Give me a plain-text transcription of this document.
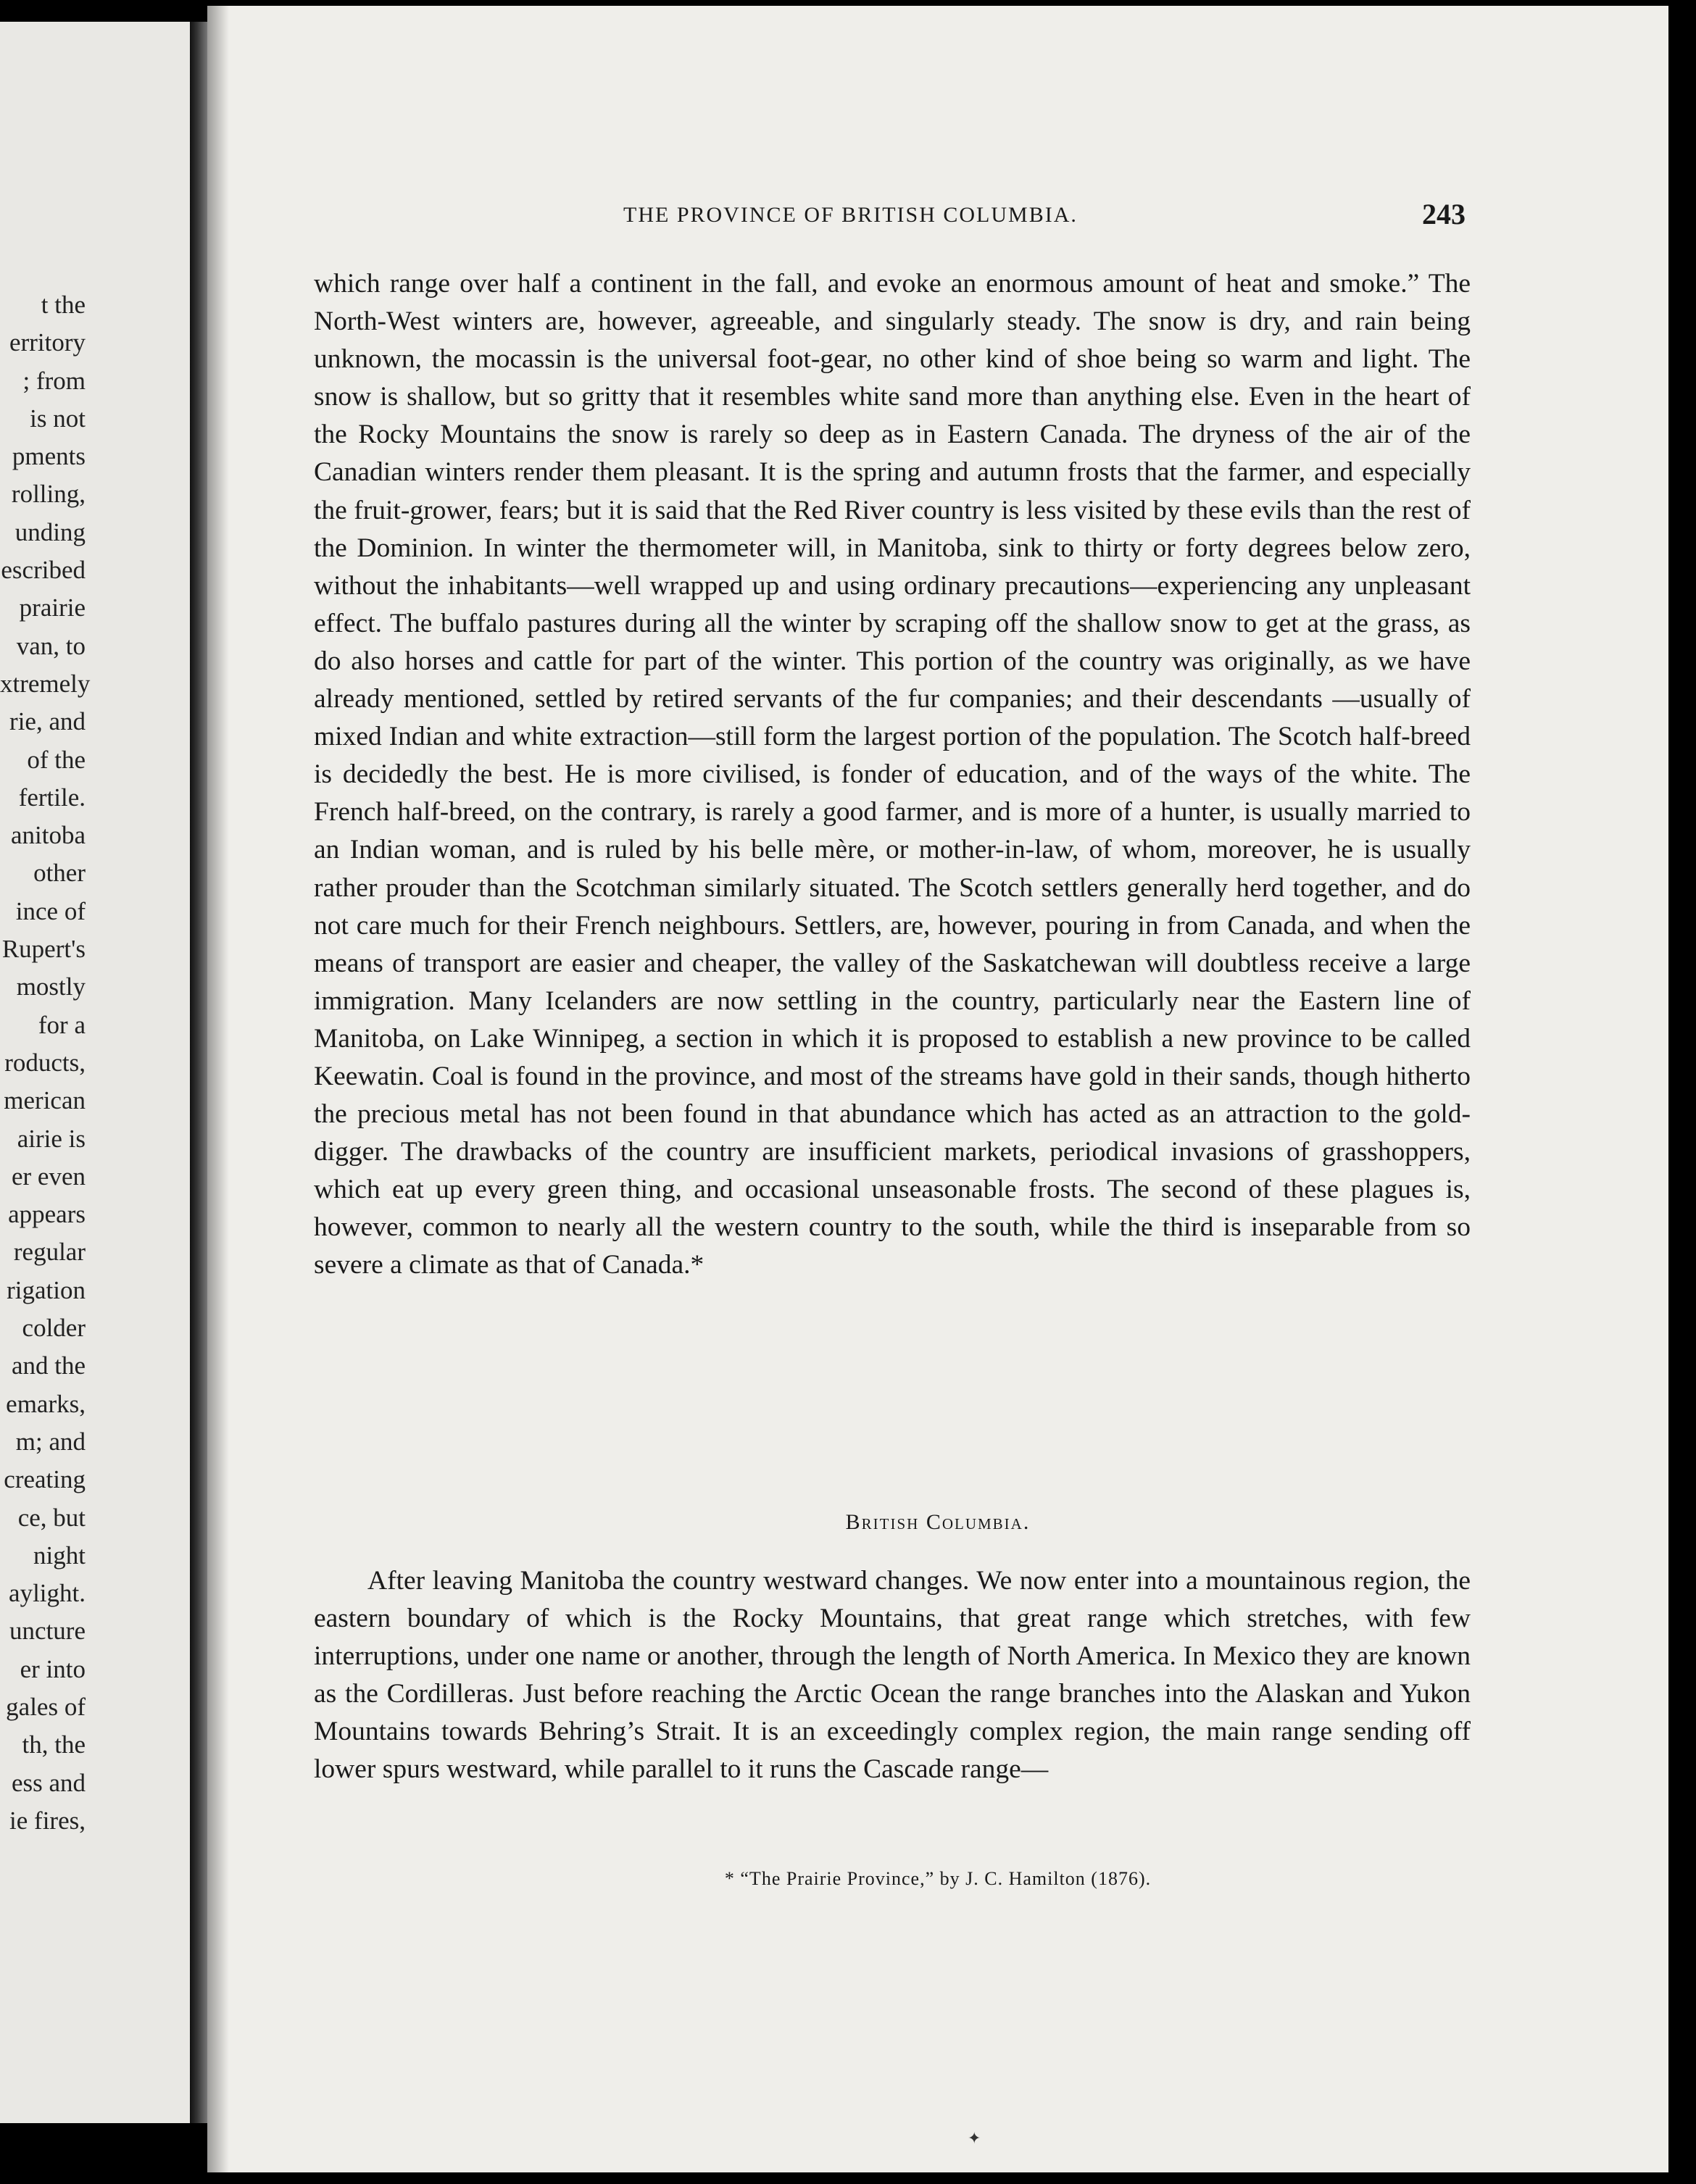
t the
erritory
; from
is not
pments
rolling,
unding
escribed
prairie
van, to
xtremely
rie, and
of the
fertile.
anitoba
other
ince of
Rupert's
mostly
for a
roducts,
merican
airie is
er even
appears
regular
rigation
colder
and the
emarks,
m; and
creating
ce, but
night
aylight.
uncture
er into
gales of
th, the
ess and
ie fires,
THE PROVINCE OF BRITISH COLUMBIA.	243

which range over half a continent in the fall, and evoke an enormous amount of heat and smoke.” The North-West winters are, however, agreeable, and singularly steady. The snow is dry, and rain being unknown, the mocassin is the universal foot-gear, no other kind of shoe being so warm and light. The snow is shallow, but so gritty that it resembles white sand more than anything else. Even in the heart of the Rocky Mountains the snow is rarely so deep as in Eastern Canada. The dryness of the air of the Canadian winters render them pleasant. It is the spring and autumn frosts that the farmer, and especially the fruit-grower, fears; but it is said that the Red River country is less visited by these evils than the rest of the Dominion. In winter the thermometer will, in Manitoba, sink to thirty or forty degrees below zero, without the inhabitants—well wrapped up and using ordinary precautions—experiencing any unpleasant effect. The buffalo pastures during all the winter by scraping off the shallow snow to get at the grass, as do also horses and cattle for part of the winter. This portion of the country was originally, as we have already mentioned, settled by retired servants of the fur companies; and their descendants —usually of mixed Indian and white extraction—still form the largest portion of the population. The Scotch half-breed is decidedly the best. He is more civilised, is fonder of education, and of the ways of the white. The French half-breed, on the contrary, is rarely a good farmer, and is more of a hunter, is usually married to an Indian woman, and is ruled by his belle mère, or mother-in-law, of whom, moreover, he is usually rather prouder than the Scotchman similarly situated. The Scotch settlers generally herd together, and do not care much for their French neighbours. Settlers, are, however, pouring in from Canada, and when the means of transport are easier and cheaper, the valley of the Saskatchewan will doubtless receive a large immigration. Many Icelanders are now settling in the country, particularly near the Eastern line of Manitoba, on Lake Winnipeg, a section in which it is proposed to establish a new province to be called Keewatin. Coal is found in the province, and most of the streams have gold in their sands, though hitherto the precious metal has not been found in that abundance which has acted as an attraction to the gold-digger. The drawbacks of the country are insufficient markets, periodical invasions of grasshoppers, which eat up every green thing, and occasional unseasonable frosts. The second of these plagues is, however, common to nearly all the western country to the south, while the third is inseparable from so severe a climate as that of Canada.*

British Columbia.

After leaving Manitoba the country westward changes. We now enter into a mountainous region, the eastern boundary of which is the Rocky Mountains, that great range which stretches, with few interruptions, under one name or another, through the length of North America. In Mexico they are known as the Cordilleras. Just before reaching the Arctic Ocean the range branches into the Alaskan and Yukon Mountains towards Behring’s Strait. It is an exceedingly complex region, the main range sending off lower spurs westward, while parallel to it runs the Cascade range—

* “The Prairie Province,” by J. C. Hamilton (1876).
✦
